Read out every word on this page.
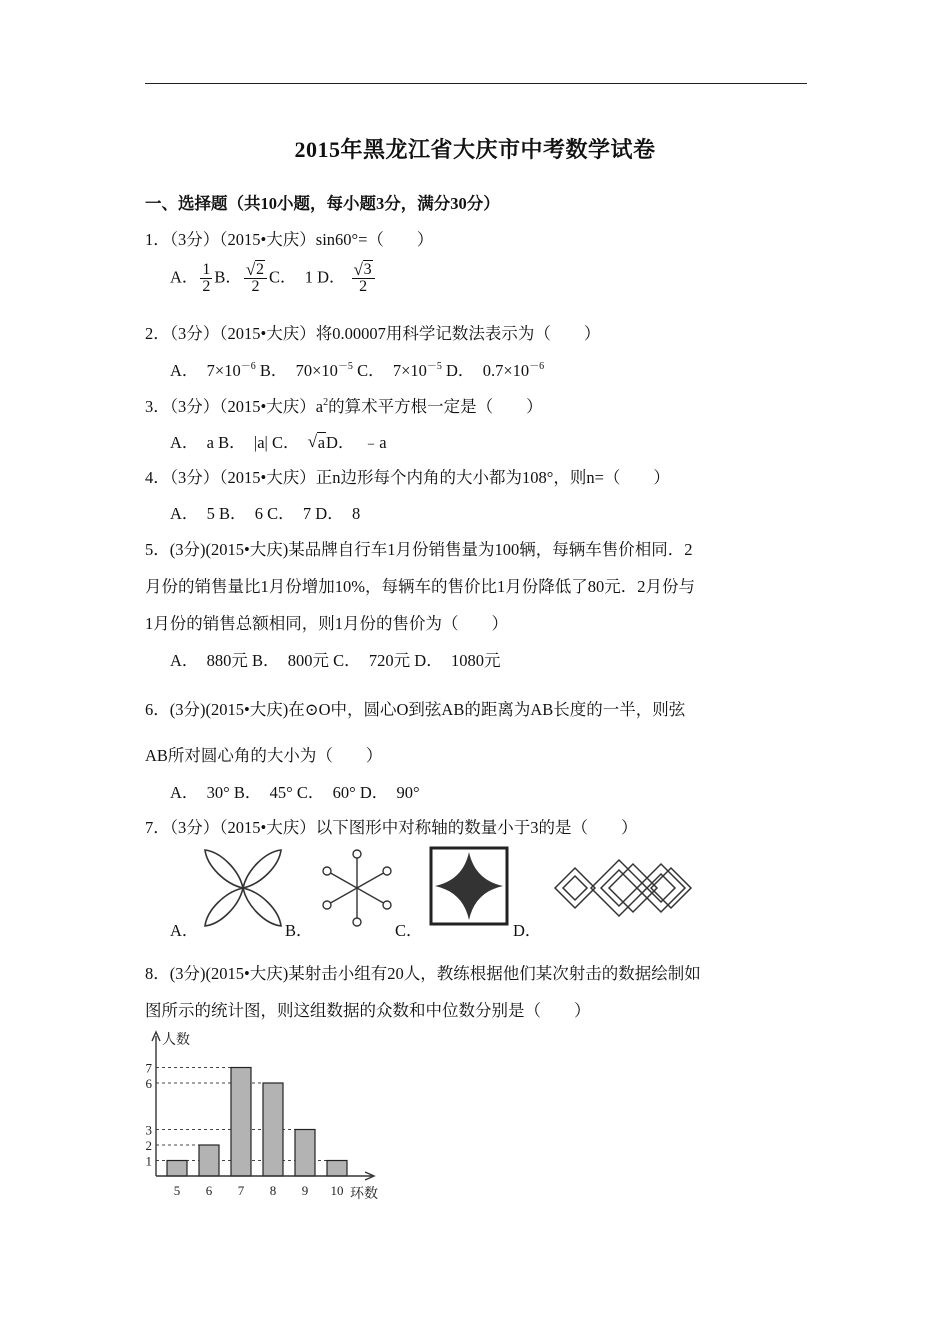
2015年黑龙江省大庆市中考数学试卷
一、选择题（共10小题，每小题3分，满分30分）
1．（3分）（2015•大庆）sin60°=（　　）
A． $\frac{1}{2}$ B． $\frac{√ 2}{2}$ C． 1 D． $\frac{√ 3}{2}$
2．（3分）（2015•大庆）将0.00007用科学记数法表示为（　　）
A． $7\times 10^{-6}$ B． $70\times 10^{-5}$ C． $7\times 10^{-5}$ D． $0.7\times 10^{-6}$
3．（3分）（2015•大庆）$a^2$的算术平方根一定是（　　）
A． a B． |a| C． √ aD． ﹣a
4．（3分）（2015•大庆）正n边形每个内角的大小都为108°，则n=（　　）
A．　5 B．　6 C．　7 D．　8
5．(3分)(2015•大庆)某品牌自行车1月份销售量为100辆，每辆车售价相同．2
月份的销售量比1月份增加10%，每辆车的售价比1月份降低了80元．2月份与
1月份的销售总额相同，则1月份的售价为（　　）
A．　880元 B．　800元 C．　720元 D．　1080元
6．(3分)(2015•大庆)在⊙O中，圆心O到弦AB的距离为AB长度的一半，则弦
AB所对圆心角的大小为（　　）
A．　30° B．　45° C．　60° D．　90°
7．（3分）（2015•大庆）以下图形中对称轴的数量小于3的是（　　）
A．	B．	C．	D．
8．(3分)(2015•大庆)某射击小组有20人，教练根据他们某次射击的数据绘制如
图所示的统计图，则这组数据的众数和中位数分别是（　　）
人数
环数
1
2
3
6
7
5 6 7 8 9 10
